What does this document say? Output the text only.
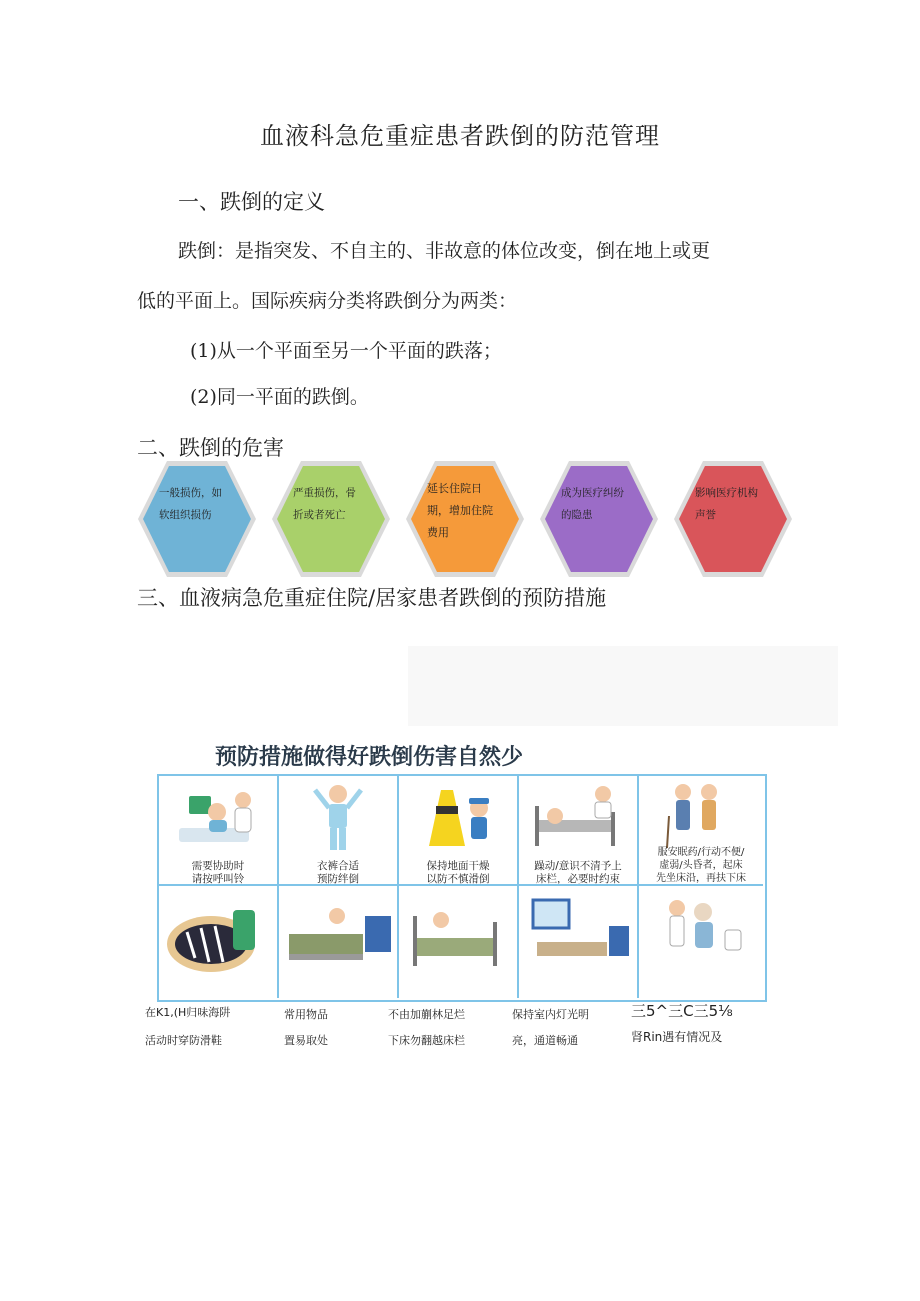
血液科急危重症患者跌倒的防范管理
一、跌倒的定义
跌倒：是指突发、不自主的、非故意的体位改变，倒在地上或更
低的平面上。国际疾病分类将跌倒分为两类：
(1)从一个平面至另一个平面的跌落；
(2)同一平面的跌倒。
二、跌倒的危害
一般损伤，如
软组织损伤
严重损伤，骨
折或者死亡
延长住院日
期，增加住院
费用
成为医疗纠纷
的隐患
影响医疗机构
声誉
三、血液病急危重症住院/居家患者跌倒的预防措施
预防措施做得好跌倒伤害自然少
需要协助时
请按呼叫铃
衣裤合适
预防绊倒
保持地面干燥
以防不慎滑倒
躁动/意识不清予上
床栏，必要时约束
服安眠药/行动不便/
虚弱/头昏者，起床
先坐床沿，再扶下床
在K1,(H归味海阱
活动时穿防滑鞋
常用物品
置易取处
不由加蒯林足烂
下床勿翻越床栏
保持室内灯光明
亮，通道畅通
三5^三C三5⅛
肾Rin遇有情况及
